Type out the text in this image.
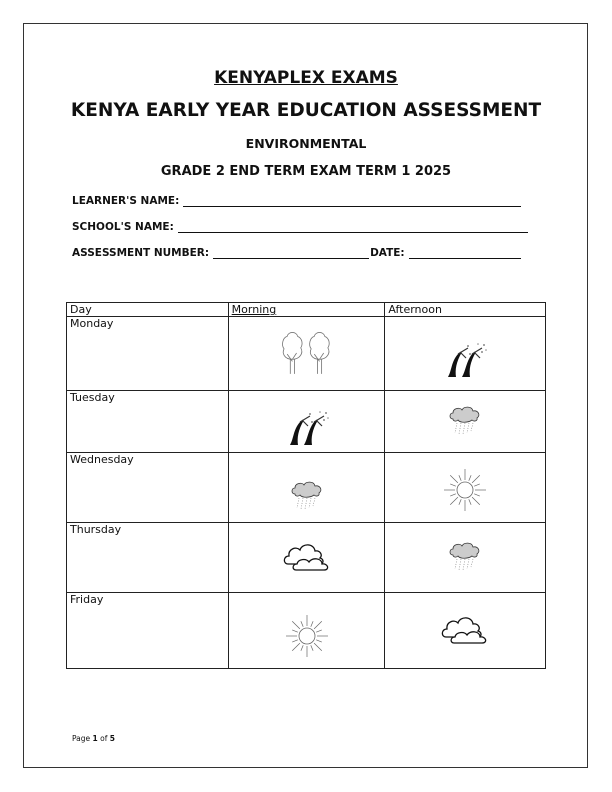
KENYAPLEX EXAMS
KENYA EARLY YEAR EDUCATION ASSESSMENT
ENVIRONMENTAL
GRADE 2 END TERM EXAM TERM 1 2025
LEARNER'S NAME:
SCHOOL'S NAME:
ASSESSMENT NUMBER:	DATE:
Day	Morning	Afternoon
Monday		
Tuesday		
Wednesday		
Thursday		
Friday		
Page 1 of 5
